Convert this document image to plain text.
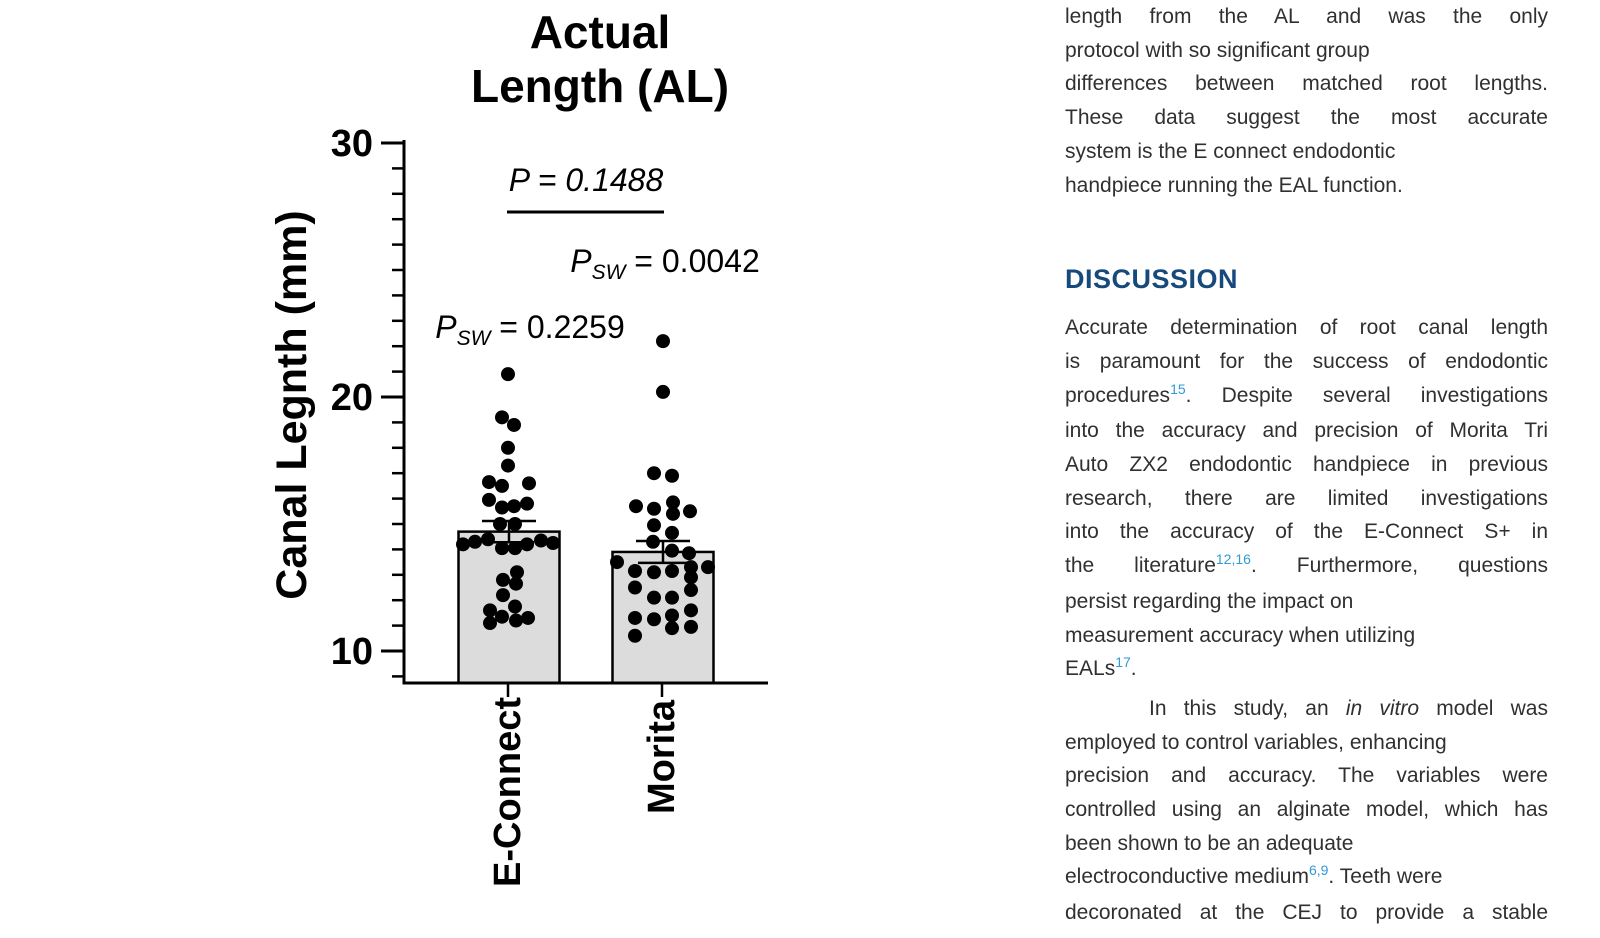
10
20
30
E-Connect	Morita
Canal Legnth (mm)
Actual
Length (AL)
P = 0.1488
$P_{SW} = 0.0042$
$P_{SW} = 0.2259$
length from the AL and was the only
protocol with so significant group
differences between matched root lengths.
These data suggest the most accurate
system is the E connect endodontic
handpiece running the EAL function.
DISCUSSION
Accurate determination of root canal length
is paramount for the success of endodontic
procedures$^{15}$. Despite several investigations
into the accuracy and precision of Morita Tri
Auto ZX2 endodontic handpiece in previous
research, there are limited investigations
into the accuracy of the E-Connect S+ in
the literature$^{12,16}$. Furthermore, questions
persist regarding the impact on
measurement accuracy when utilizing
EALs$^{17}$.
In this study, an in vitro model was
employed to control variables, enhancing
precision and accuracy. The variables were
controlled using an alginate model, which has
been shown to be an adequate
electroconductive medium$^{6,9}$. Teeth were
decoronated at the CEJ to provide a stable
